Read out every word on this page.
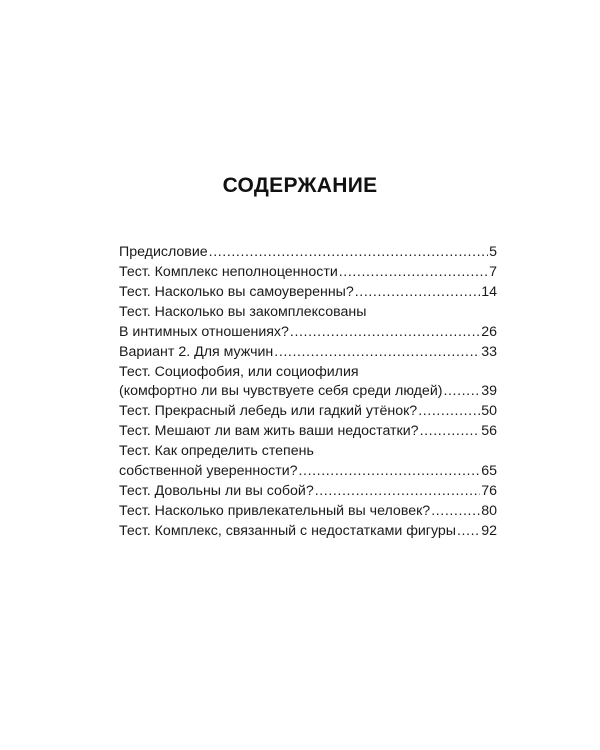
СОДЕРЖАНИЕ
Предисловие .....	5
Тест. Комплекс неполноценности .....	7
Тест. Насколько вы самоуверенны? .....	14
Тест. Насколько вы закомплексованы
В интимных отношениях? .....	26
Вариант 2. Для мужчин .....	33
Тест. Социофобия, или социофилия
(комфортно ли вы чувствуете себя среди людей) .....	39
Тест. Прекрасный лебедь или гадкий утёнок? .....	50
Тест. Мешают ли вам жить ваши недостатки? .....	56
Тест. Как определить степень
собственной уверенности? .....	65
Тест. Довольны ли вы собой? .....	76
Тест. Насколько привлекательный вы человек? .....	80
Тест. Комплекс, связанный с недостатками фигуры ..... 92
